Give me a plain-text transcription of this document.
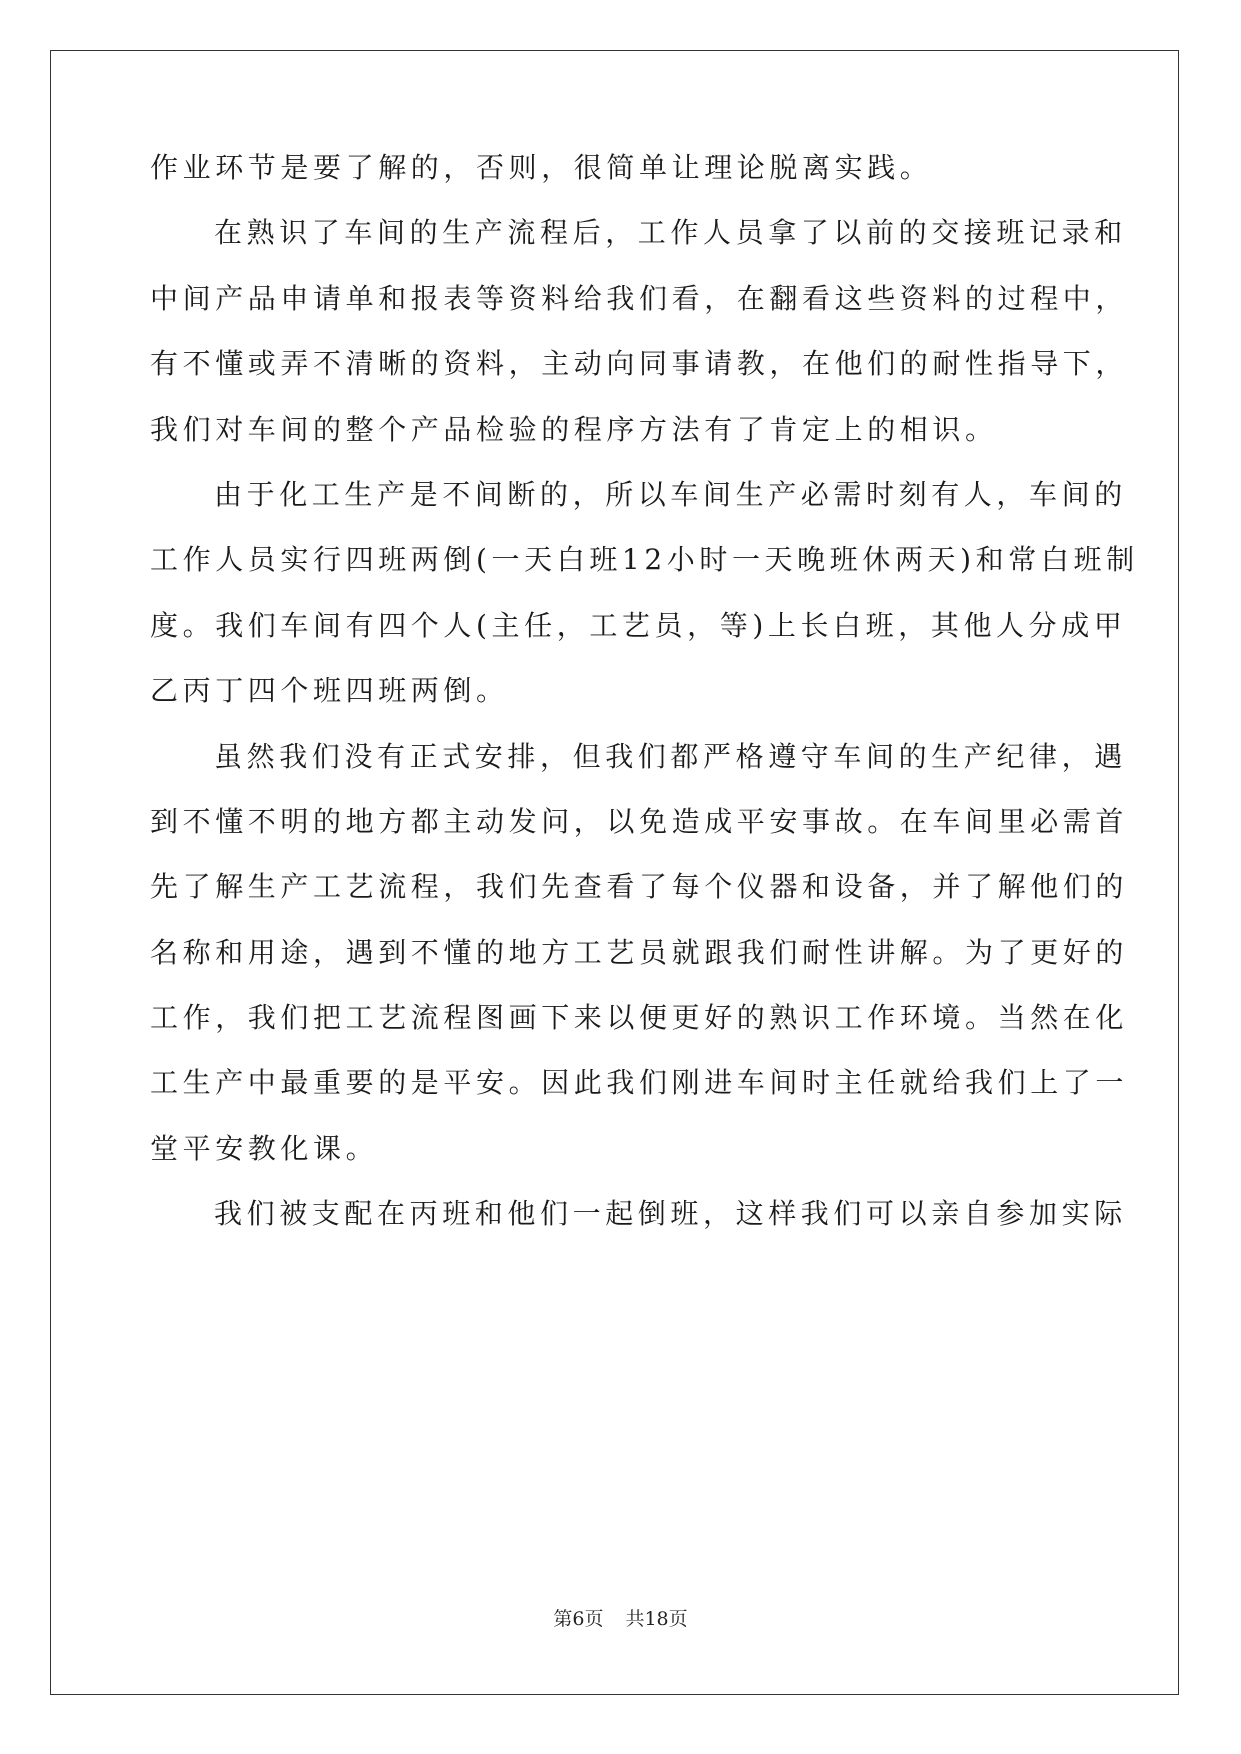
作业环节是要了解的，否则，很简单让理论脱离实践。
在熟识了车间的生产流程后，工作人员拿了以前的交接班记录和
中间产品申请单和报表等资料给我们看，在翻看这些资料的过程中，
有不懂或弄不清晰的资料，主动向同事请教，在他们的耐性指导下，
我们对车间的整个产品检验的程序方法有了肯定上的相识。
由于化工生产是不间断的，所以车间生产必需时刻有人，车间的
工作人员实行四班两倒(一天白班12小时一天晚班休两天)和常白班制
度。我们车间有四个人(主任，工艺员，等)上长白班，其他人分成甲
乙丙丁四个班四班两倒。
虽然我们没有正式安排，但我们都严格遵守车间的生产纪律，遇
到不懂不明的地方都主动发问，以免造成平安事故。在车间里必需首
先了解生产工艺流程，我们先查看了每个仪器和设备，并了解他们的
名称和用途，遇到不懂的地方工艺员就跟我们耐性讲解。为了更好的
工作，我们把工艺流程图画下来以便更好的熟识工作环境。当然在化
工生产中最重要的是平安。因此我们刚进车间时主任就给我们上了一
堂平安教化课。
我们被支配在丙班和他们一起倒班，这样我们可以亲自参加实际
第6页 共18页
